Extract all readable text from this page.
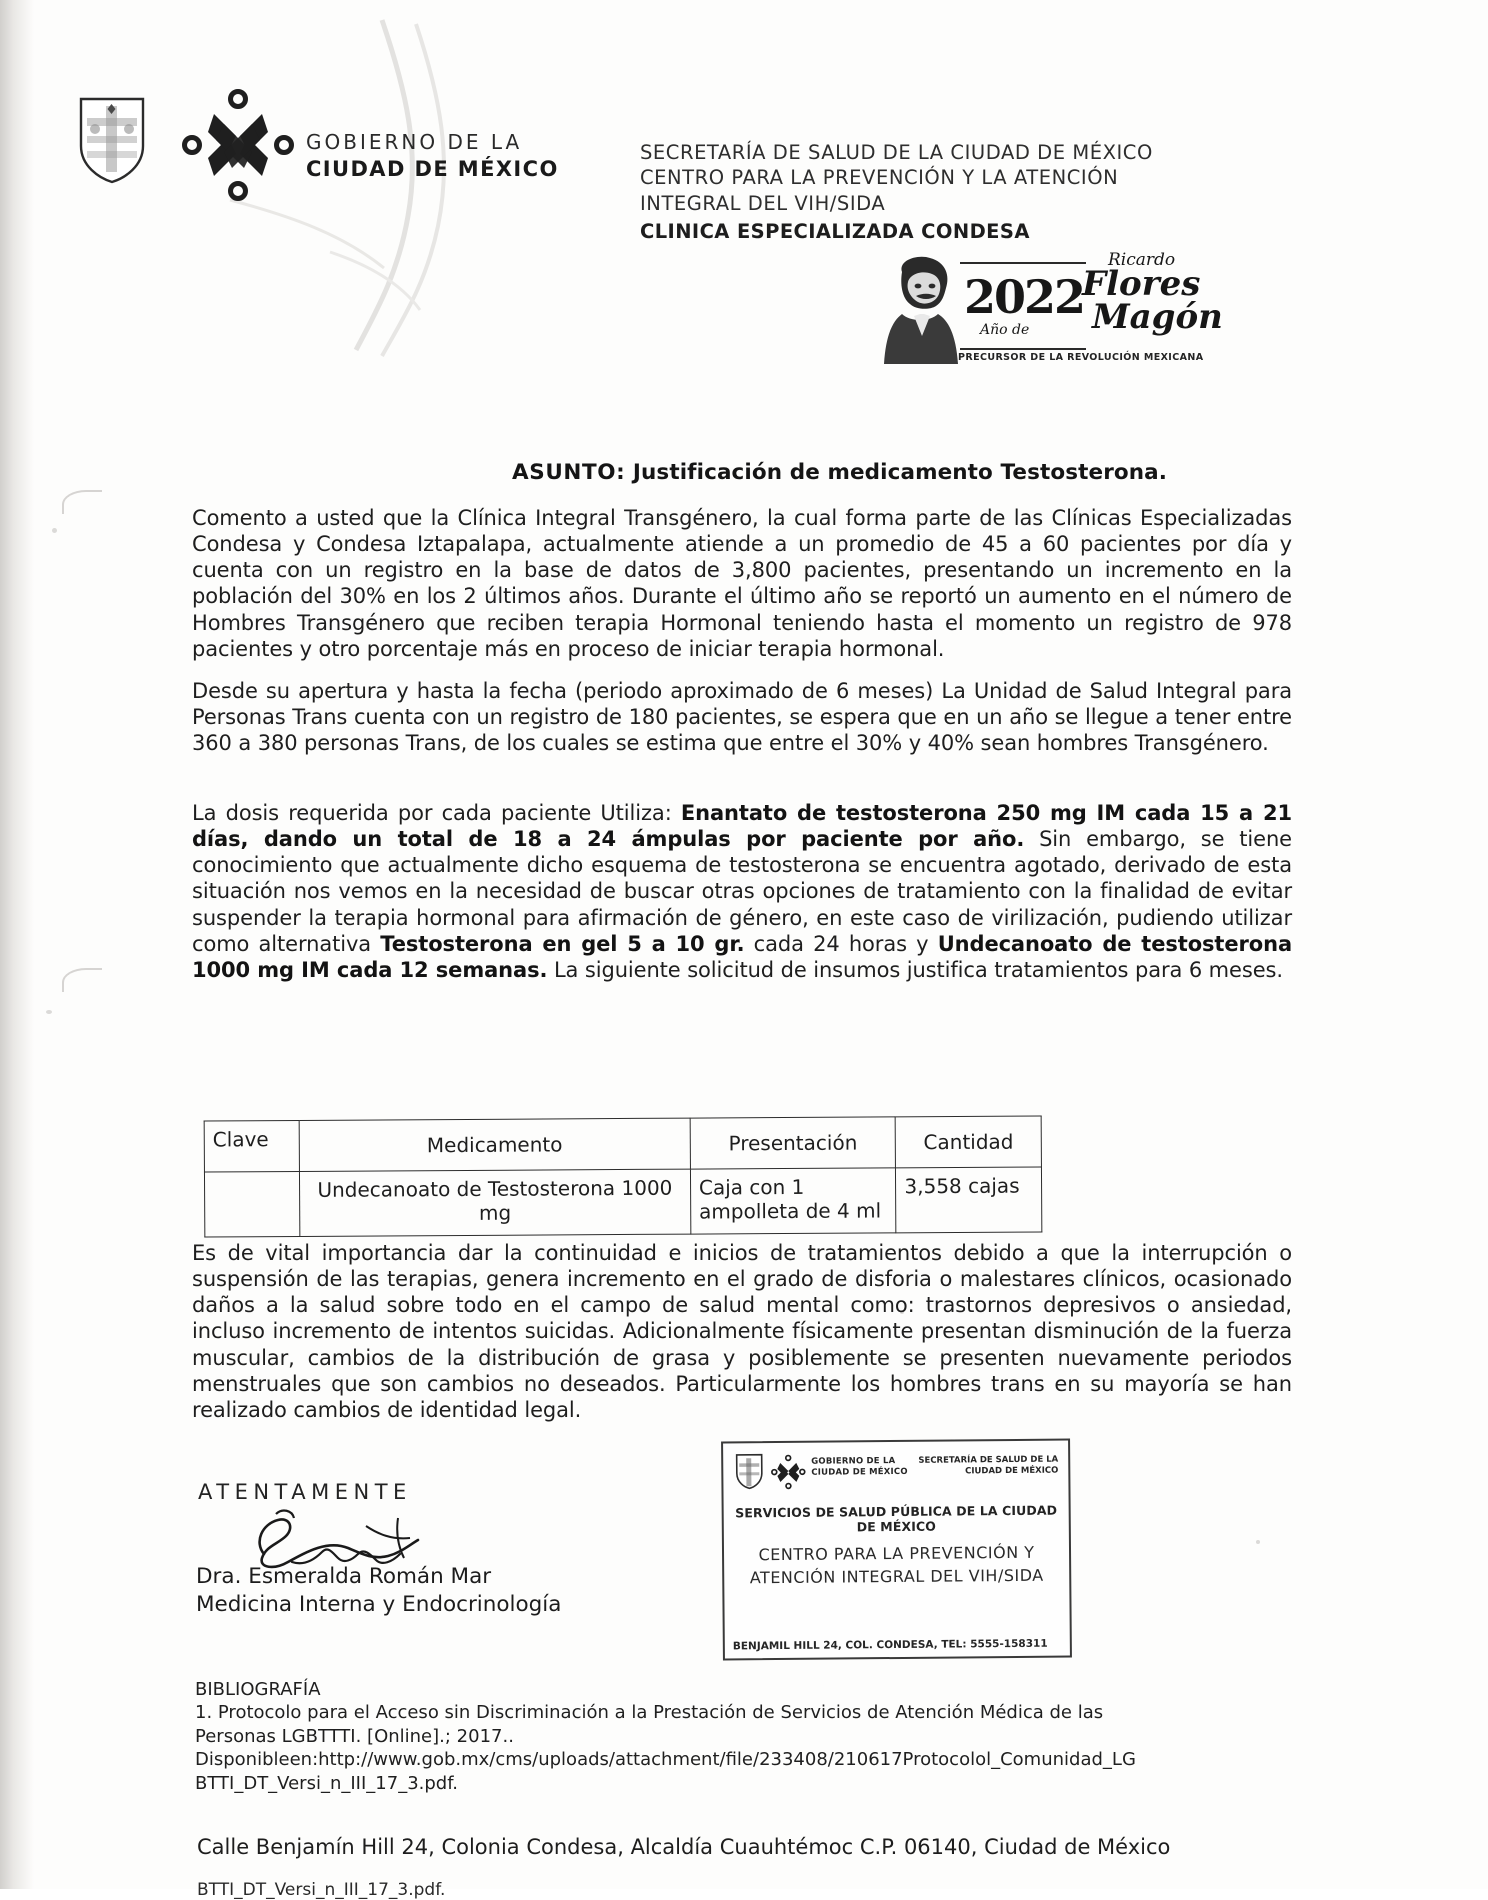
GOBIERNO DE LA
CIUDAD DE MÉXICO
SECRETARÍA DE SALUD DE LA CIUDAD DE MÉXICO
CENTRO PARA LA PREVENCIÓN Y LA ATENCIÓN
INTEGRAL DEL VIH/SIDA
CLINICA ESPECIALIZADA CONDESA
2022
Año de
Ricardo
Flores
Magón
PRECURSOR DE LA REVOLUCIÓN MEXICANA
ASUNTO: Justificación de medicamento Testosterona.
Comento a usted que la Clínica Integral Transgénero, la cual forma parte de las Clínicas Especializadas Condesa y Condesa Iztapalapa, actualmente atiende a un promedio de 45 a 60 pacientes por día y cuenta con un registro en la base de datos de 3,800 pacientes, presentando un incremento en la población del 30% en los 2 últimos años. Durante el último año se reportó un aumento en el número de Hombres Transgénero que reciben terapia Hormonal teniendo hasta el momento un registro de 978 pacientes y otro porcentaje más en proceso de iniciar terapia hormonal.
Desde su apertura y hasta la fecha (periodo aproximado de 6 meses) La Unidad de Salud Integral para Personas Trans cuenta con un registro de 180 pacientes, se espera que en un año se llegue a tener entre 360 a 380 personas Trans, de los cuales se estima que entre el 30% y 40% sean hombres Transgénero.
La dosis requerida por cada paciente Utiliza: Enantato de testosterona 250 mg IM cada 15 a 21 días, dando un total de 18 a 24 ámpulas por paciente por año. Sin embargo, se tiene conocimiento que actualmente dicho esquema de testosterona se encuentra agotado, derivado de esta situación nos vemos en la necesidad de buscar otras opciones de tratamiento con la finalidad de evitar suspender la terapia hormonal para afirmación de género, en este caso de virilización, pudiendo utilizar como alternativa Testosterona en gel 5 a 10 gr. cada 24 horas y Undecanoato de testosterona 1000 mg IM cada 12 semanas. La siguiente solicitud de insumos justifica tratamientos para 6 meses.
Clave	Medicamento	Presentación	Cantidad
	Undecanoato de Testosterona 1000 mg	Caja con 1 ampolleta de 4 ml	3,558 cajas
Es de vital importancia dar la continuidad e inicios de tratamientos debido a que la interrupción o suspensión de las terapias, genera incremento en el grado de disforia o malestares clínicos, ocasionado daños a la salud sobre todo en el campo de salud mental como: trastornos depresivos o ansiedad, incluso incremento de intentos suicidas. Adicionalmente físicamente presentan disminución de la fuerza muscular, cambios de la distribución de grasa y posiblemente se presenten nuevamente periodos menstruales que son cambios no deseados. Particularmente los hombres trans en su mayoría se han realizado cambios de identidad legal.
ATENTAMENTE
Dra. Esmeralda Román Mar
Medicina Interna y Endocrinología
GOBIERNO DE LA
CIUDAD DE MÉXICO
SECRETARÍA DE SALUD DE LA
CIUDAD DE MÉXICO
SERVICIOS DE SALUD PÚBLICA DE LA CIUDAD DE MÉXICO
CENTRO PARA LA PREVENCIÓN Y
ATENCIÓN INTEGRAL DEL VIH/SIDA
BENJAMIL HILL 24, COL. CONDESA, TEL: 5555-158311
BIBLIOGRAFÍA
1. Protocolo para el Acceso sin Discriminación a la Prestación de Servicios de Atención Médica de las
Personas LGBTTTI. [Online].; 2017..
Disponibleen:http://www.gob.mx/cms/uploads/attachment/file/233408/210617Protocolol_Comunidad_LG
BTTI_DT_Versi_n_III_17_3.pdf.
Calle Benjamín Hill 24, Colonia Condesa, Alcaldía Cuauhtémoc C.P. 06140, Ciudad de México
BTTI_DT_Versi_n_III_17_3.pdf.
